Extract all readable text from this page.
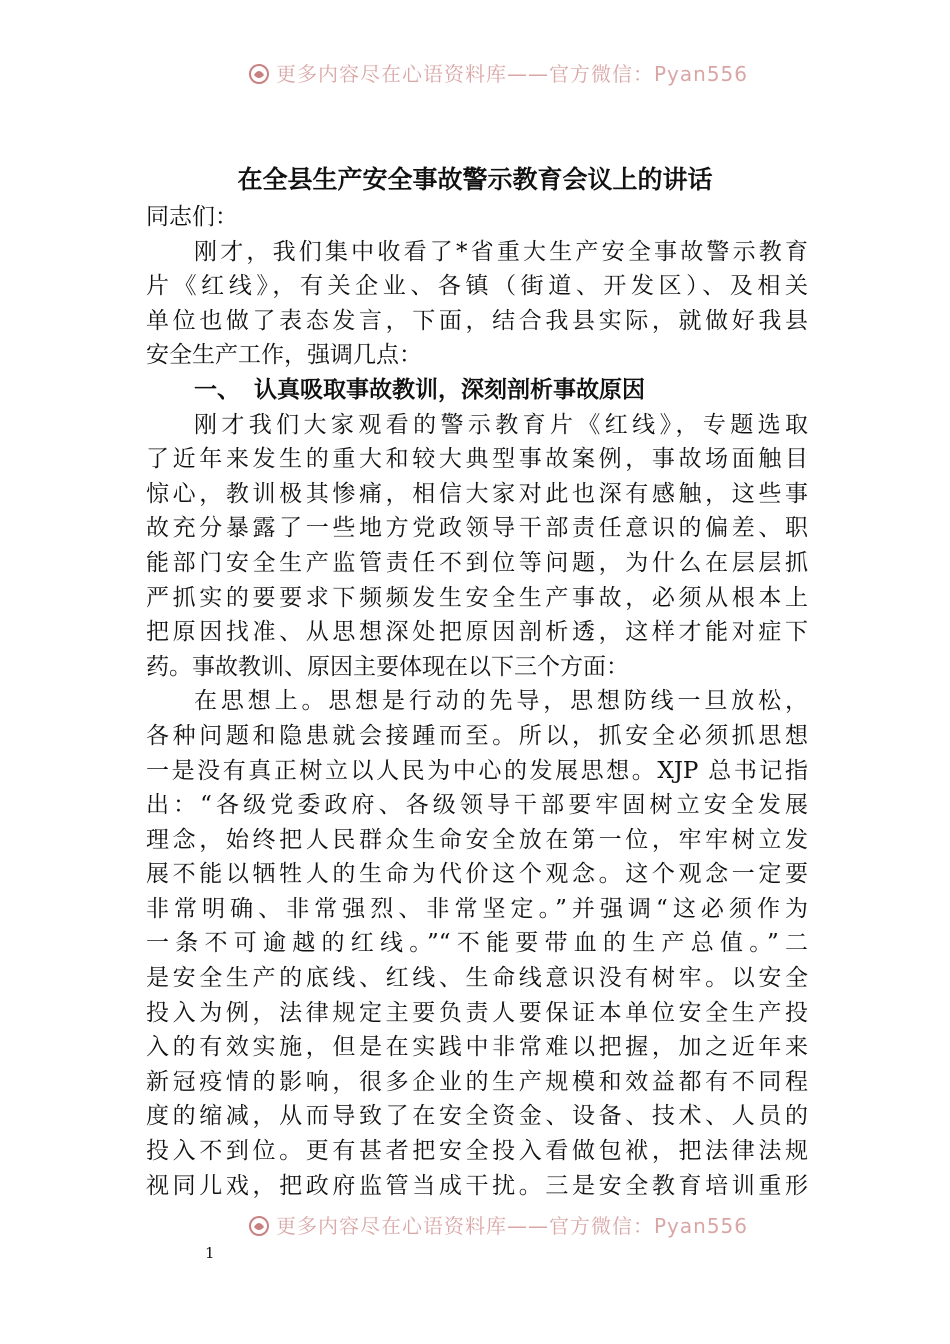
更多内容尽在心语资料库——官方微信：Pyan556
在全县生产安全事故警示教育会议上的讲话
同志们：
刚才，我们集中收看了*省重大生产安全事故警示教育
片《红线》，有关企业、各镇（街道、开发区）、及相关
单位也做了表态发言，下面，结合我县实际，就做好我县
安全生产工作，强调几点：
一、 认真吸取事故教训，深刻剖析事故原因
刚才我们大家观看的警示教育片《红线》，专题选取
了近年来发生的重大和较大典型事故案例，事故场面触目
惊心，教训极其惨痛，相信大家对此也深有感触，这些事
故充分暴露了一些地方党政领导干部责任意识的偏差、职
能部门安全生产监管责任不到位等问题，为什么在层层抓
严抓实的要要求下频频发生安全生产事故，必须从根本上
把原因找准、从思想深处把原因剖析透，这样才能对症下
药。事故教训、原因主要体现在以下三个方面：
在思想上。思想是行动的先导，思想防线一旦放松，
各种问题和隐患就会接踵而至。所以，抓安全必须抓思想
一是没有真正树立以人民为中心的发展思想。XJP 总书记指
出：“各级党委政府、各级领导干部要牢固树立安全发展
理念，始终把人民群众生命安全放在第一位，牢牢树立发
展不能以牺牲人的生命为代价这个观念。这个观念一定要
非常明确、非常强烈、非常坚定。”并强调“这必须作为
一条不可逾越的红线。”“不能要带血的生产总值。”二
是安全生产的底线、红线、生命线意识没有树牢。以安全
投入为例，法律规定主要负责人要保证本单位安全生产投
入的有效实施，但是在实践中非常难以把握，加之近年来
新冠疫情的影响，很多企业的生产规模和效益都有不同程
度的缩减，从而导致了在安全资金、设备、技术、人员的
投入不到位。更有甚者把安全投入看做包袱，把法律法规
视同儿戏，把政府监管当成干扰。三是安全教育培训重形
更多内容尽在心语资料库——官方微信：Pyan556
1
